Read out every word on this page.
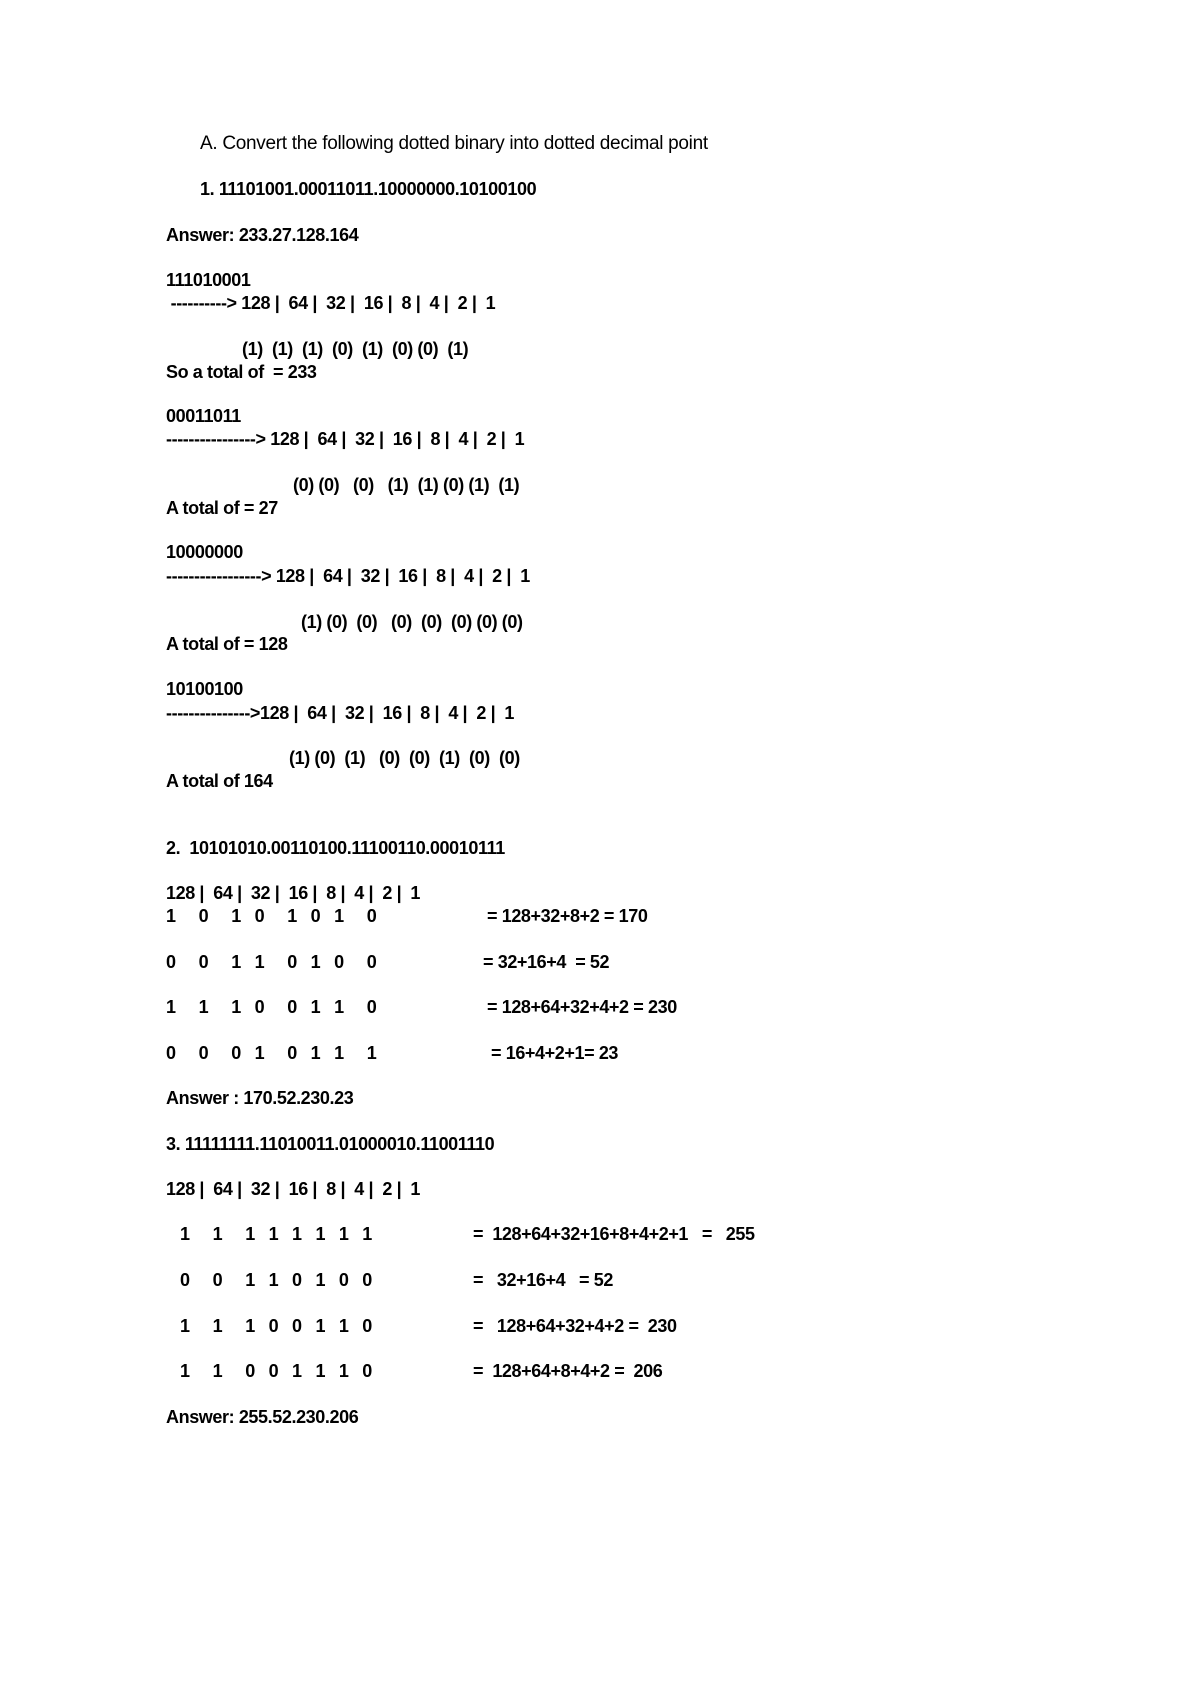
A. Convert the following dotted binary into dotted decimal point
1. 11101001.00011011.10000000.10100100
Answer: 233.27.128.164
111010001
----------> 128 |  64 |  32 |  16 |  8 |  4 |  2 |  1
(1)  (1)  (1)  (0)  (1)  (0) (0)  (1)
So a total of  = 233
00011011
----------------> 128 |  64 |  32 |  16 |  8 |  4 |  2 |  1
(0) (0)   (0)   (1)  (1) (0) (1)  (1)
A total of = 27
10000000
-----------------> 128 |  64 |  32 |  16 |  8 |  4 |  2 |  1
(1) (0)  (0)   (0)  (0)  (0) (0) (0)
A total of = 128
10100100
--------------->128 |  64 |  32 |  16 |  8 |  4 |  2 |  1
(1) (0)  (1)   (0)  (0)  (1)  (0)  (0)
A total of 164
2.  10101010.00110100.11100110.00010111
128 |  64 |  32 |  16 |  8 |  4 |  2 |  1
1     0     1   0     1   0   1     0	= 128+32+8+2 = 170
0     0     1   1     0   1   0     0	= 32+16+4  = 52
1     1     1   0     0   1   1     0	= 128+64+32+4+2 = 230
0     0     0   1     0   1   1     1	= 16+4+2+1= 23
Answer : 170.52.230.23
3. 11111111.11010011.01000010.11001110
128 |  64 |  32 |  16 |  8 |  4 |  2 |  1
1     1     1   1   1   1   1   1	=  128+64+32+16+8+4+2+1   =   255
0     0     1   1   0   1   0   0	=   32+16+4   = 52
1     1     1   0   0   1   1   0	=   128+64+32+4+2 =  230
1     1     0   0   1   1   1   0	=  128+64+8+4+2 =  206
Answer: 255.52.230.206
